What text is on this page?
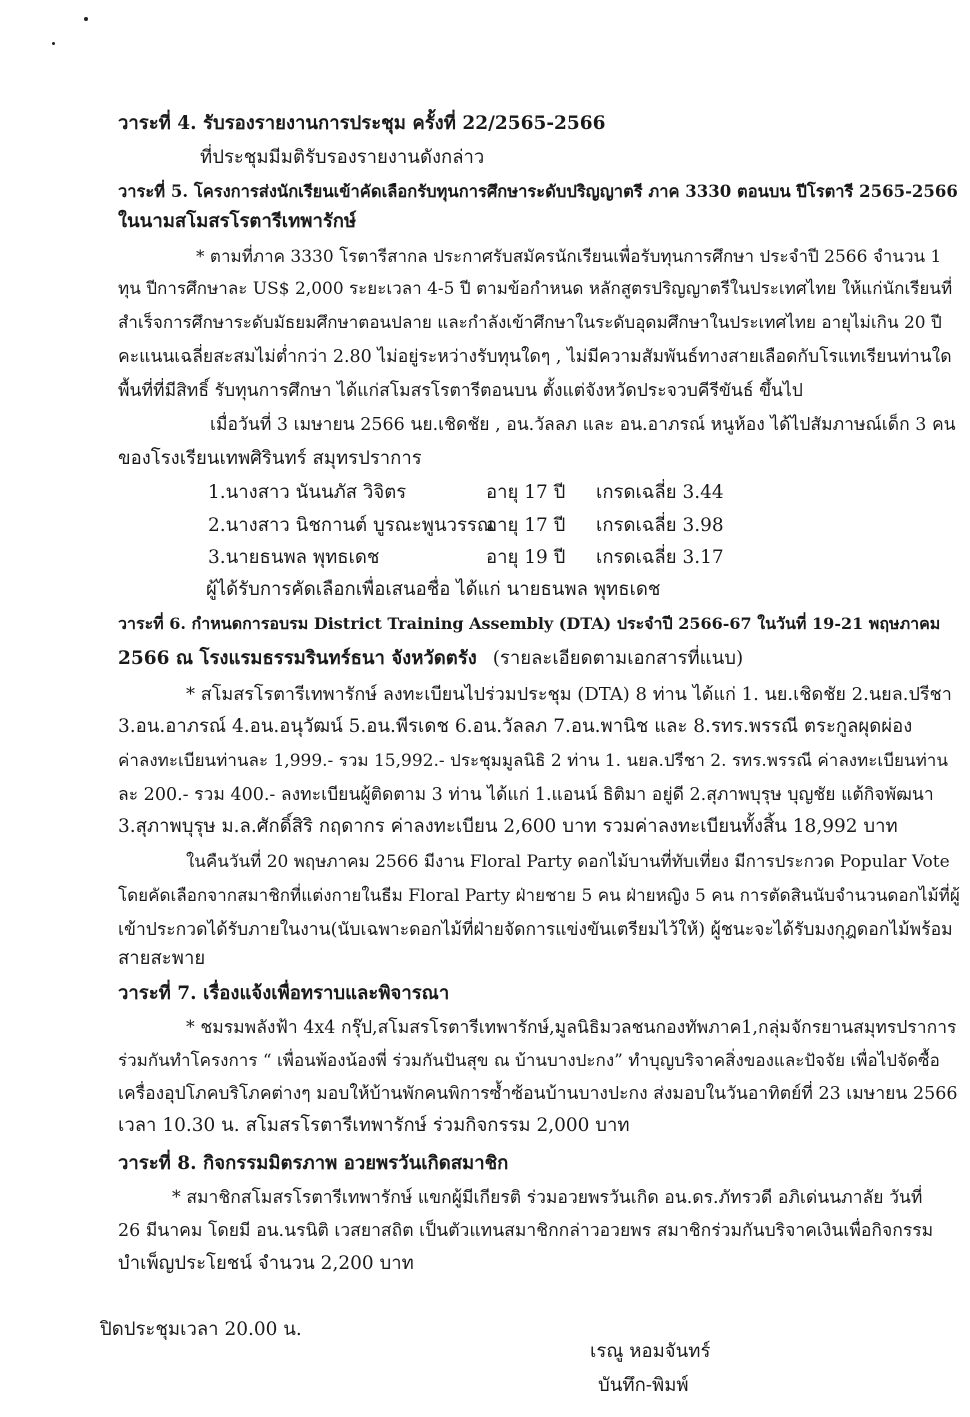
วาระที่ 4. รับรองรายงานการประชุม ครั้งที่ 22/2565-2566
ที่ประชุมมีมติรับรองรายงานดังกล่าว
วาระที่ 5. โครงการส่งนักเรียนเข้าคัดเลือกรับทุนการศึกษาระดับปริญญาตรี ภาค 3330 ตอนบน ปีโรตารี 2565-2566
ในนามสโมสรโรตารีเทพารักษ์
* ตามที่ภาค 3330 โรตารีสากล ประกาศรับสมัครนักเรียนเพื่อรับทุนการศึกษา ประจำปี 2566 จำนวน 1
ทุน ปีการศึกษาละ US$ 2,000 ระยะเวลา 4-5 ปี ตามข้อกำหนด หลักสูตรปริญญาตรีในประเทศไทย ให้แก่นักเรียนที่
สำเร็จการศึกษาระดับมัธยมศึกษาตอนปลาย และกำลังเข้าศึกษาในระดับอุดมศึกษาในประเทศไทย อายุไม่เกิน 20 ปี
คะแนนเฉลี่ยสะสมไม่ต่ำกว่า 2.80 ไม่อยู่ระหว่างรับทุนใดๆ , ไม่มีความสัมพันธ์ทางสายเลือดกับโรแทเรียนท่านใด
พื้นที่ที่มีสิทธิ์ รับทุนการศึกษา ได้แก่สโมสรโรตารีตอนบน ตั้งแต่จังหวัดประจวบคีรีขันธ์ ขึ้นไป
เมื่อวันที่ 3 เมษายน 2566 นย.เชิดชัย , อน.วัลลภ และ อน.อาภรณ์ หนูห้อง ได้ไปสัมภาษณ์เด็ก 3 คน
ของโรงเรียนเทพศิรินทร์ สมุทรปราการ
1.นางสาว นันนภัส วิจิตร	อายุ 17 ปี เกรดเฉลี่ย 3.44
2.นางสาว นิชกานต์ บูรณะพูนวรรณ
อายุ 17 ปี เกรดเฉลี่ย 3.98
3.นายธนพล พุทธเดช	อายุ 19 ปี เกรดเฉลี่ย 3.17
ผู้ได้รับการคัดเลือกเพื่อเสนอชื่อ ได้แก่ นายธนพล พุทธเดช
วาระที่ 6. กำหนดการอบรม District Training Assembly (DTA) ประจำปี 2566-67 ในวันที่ 19-21 พฤษภาคม
2566 ณ โรงแรมธรรมรินทร์ธนา จังหวัดตรัง (รายละเอียดตามเอกสารที่แนบ)
* สโมสรโรตารีเทพารักษ์ ลงทะเบียนไปร่วมประชุม (DTA) 8 ท่าน ได้แก่ 1. นย.เชิดชัย 2.นยล.ปรีชา
3.อน.อาภรณ์ 4.อน.อนุวัฒน์ 5.อน.พีรเดช 6.อน.วัลลภ 7.อน.พานิช และ 8.รทร.พรรณี ตระกูลผุดผ่อง
ค่าลงทะเบียนท่านละ 1,999.- รวม 15,992.- ประชุมมูลนิธิ 2 ท่าน 1. นยล.ปรีชา 2. รทร.พรรณี ค่าลงทะเบียนท่าน
ละ 200.- รวม 400.- ลงทะเบียนผู้ติดตาม 3 ท่าน ได้แก่ 1.แอนน์ ธิติมา อยู่ดี 2.สุภาพบุรุษ บุญชัย แต้กิจพัฒนา
3.สุภาพบุรุษ ม.ล.ศักดิ์สิริ กฤดากร ค่าลงทะเบียน 2,600 บาท รวมค่าลงทะเบียนทั้งสิ้น 18,992 บาท
ในคืนวันที่ 20 พฤษภาคม 2566 มีงาน Floral Party ดอกไม้บานที่ทับเที่ยง มีการประกวด Popular Vote
โดยคัดเลือกจากสมาชิกที่แต่งกายในธีม Floral Party ฝ่ายชาย 5 คน ฝ่ายหญิง 5 คน การตัดสินนับจำนวนดอกไม้ที่ผู้
เข้าประกวดได้รับภายในงาน(นับเฉพาะดอกไม้ที่ฝ่ายจัดการแข่งขันเตรียมไว้ให้) ผู้ชนะจะได้รับมงกุฎดอกไม้พร้อม
สายสะพาย
วาระที่ 7. เรื่องแจ้งเพื่อทราบและพิจารณา
* ชมรมพลังฟ้า 4x4 กรุ๊ป,สโมสรโรตารีเทพารักษ์,มูลนิธิมวลชนกองทัพภาค1,กลุ่มจักรยานสมุทรปราการ
ร่วมกันทำโครงการ “ เพื่อนพ้องน้องพี่ ร่วมกันปันสุข ณ บ้านบางปะกง” ทำบุญบริจาคสิ่งของและปัจจัย เพื่อไปจัดซื้อ
เครื่องอุปโภคบริโภคต่างๆ มอบให้บ้านพักคนพิการซ้ำซ้อนบ้านบางปะกง ส่งมอบในวันอาทิตย์ที่ 23 เมษายน 2566
เวลา 10.30 น. สโมสรโรตารีเทพารักษ์ ร่วมกิจกรรม 2,000 บาท
วาระที่ 8. กิจกรรมมิตรภาพ อวยพรวันเกิดสมาชิก
* สมาชิกสโมสรโรตารีเทพารักษ์ แขกผู้มีเกียรติ ร่วมอวยพรวันเกิด อน.ดร.ภัทรวดี อภิเด่นนภาลัย วันที่
26 มีนาคม โดยมี อน.นรนิติ เวสยาสถิต เป็นตัวแทนสมาชิกกล่าวอวยพร สมาชิกร่วมกันบริจาคเงินเพื่อกิจกรรม
บำเพ็ญประโยชน์ จำนวน 2,200 บาท
ปิดประชุมเวลา 20.00 น.
เรณู หอมจันทร์
บันทึก-พิมพ์
